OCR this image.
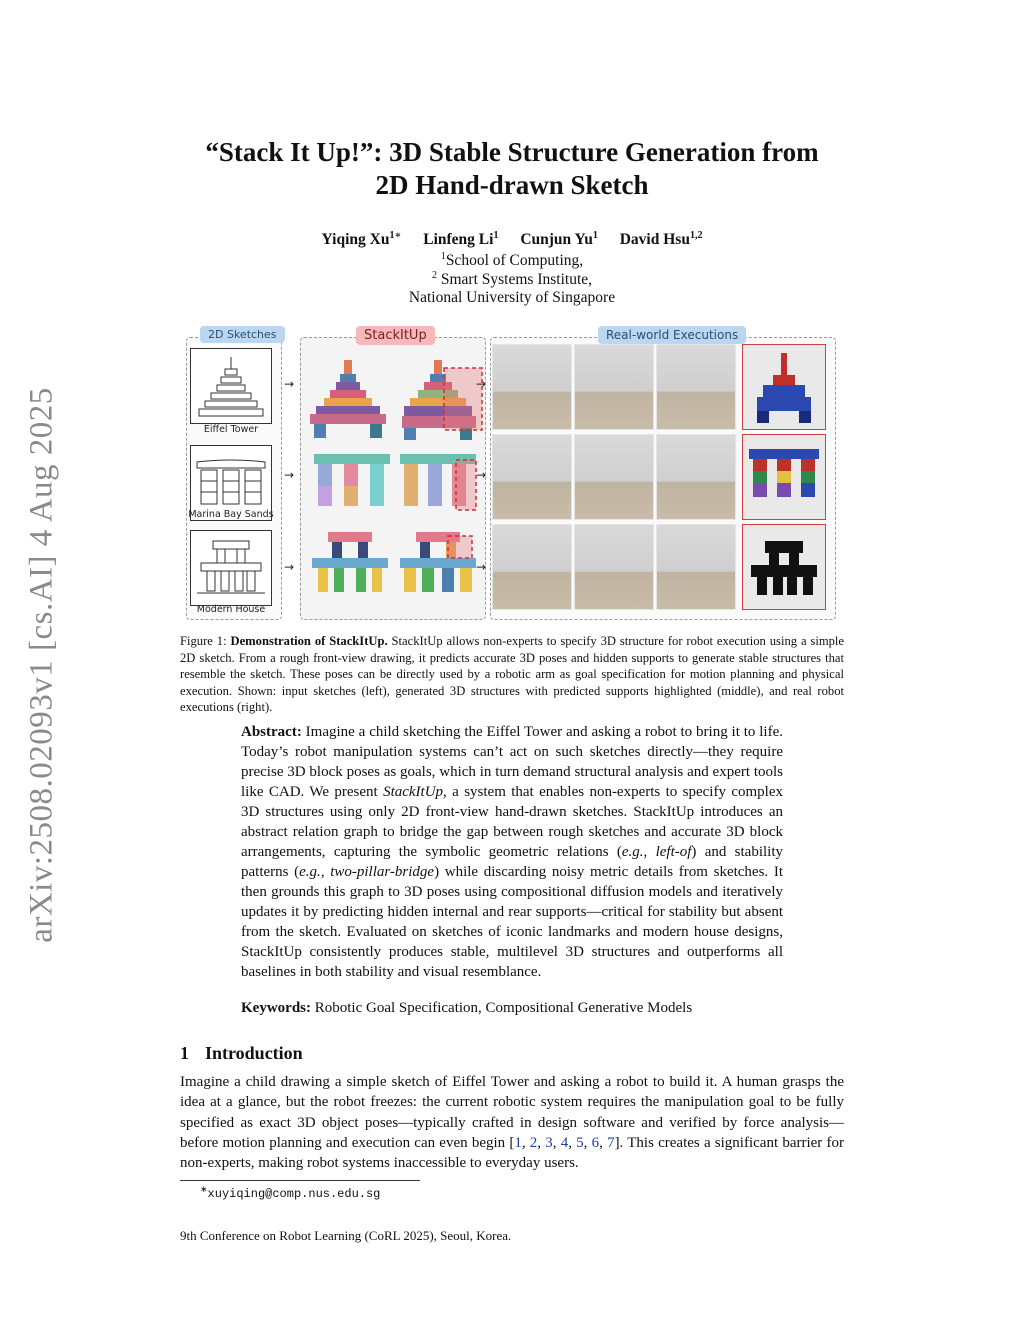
arXiv:2508.02093v1 [cs.AI] 4 Aug 2025
“Stack It Up!”: 3D Stable Structure Generation from
2D Hand-drawn Sketch
Yiqing $Xu^{1∗}$ Linfeng Li$^1$ Cunjun Yu$^1$ David Hsu$^{1,2}$
$^1$School of Computing,
$^2$ Smart Systems Institute,
National University of Singapore
2D Sketches
Eiffel Tower
Marina Bay Sands
Modern House
→
→
→
StackItUp
→
→
→
Real-world Executions
Figure 1: Demonstration of StackItUp. StackItUp allows non-experts to specify 3D structure for robot execution using a simple 2D sketch. From a rough front-view drawing, it predicts accurate 3D poses and hidden supports to generate stable structures that resemble the sketch. These poses can be directly used by a robotic arm as goal specification for motion planning and physical execution. Shown: input sketches (left), generated 3D structures with predicted supports highlighted (middle), and real robot executions (right).
Abstract: Imagine a child sketching the Eiffel Tower and asking a robot to bring it to life. Today’s robot manipulation systems can’t act on such sketches directly—they require precise 3D block poses as goals, which in turn demand structural analysis and expert tools like CAD. We present StackItUp, a system that enables non-experts to specify complex 3D structures using only 2D front-view hand-drawn sketches. StackItUp introduces an abstract relation graph to bridge the gap between rough sketches and accurate 3D block arrangements, capturing the symbolic geometric relations (e.g., left-of) and stability patterns (e.g., two-pillar-bridge) while discarding noisy metric details from sketches. It then grounds this graph to 3D poses using compositional diffusion models and iteratively updates it by predicting hidden internal and rear supports—critical for stability but absent from the sketch. Evaluated on sketches of iconic landmarks and modern house designs, StackItUp consistently produces stable, multilevel 3D structures and outperforms all baselines in both stability and visual resemblance.
Keywords: Robotic Goal Specification, Compositional Generative Models
1 Introduction
Imagine a child drawing a simple sketch of Eiffel Tower and asking a robot to build it. A human grasps the idea at a glance, but the robot freezes: the current robotic system requires the manipulation goal to be fully specified as exact 3D object poses—typically crafted in design software and verified by force analysis—before motion planning and execution can even begin [1, 2, 3, 4, 5, 6, 7]. This creates a significant barrier for non-experts, making robot systems inaccessible to everyday users.
∗xuyiqing@comp.nus.edu.sg
9th Conference on Robot Learning (CoRL 2025), Seoul, Korea.
